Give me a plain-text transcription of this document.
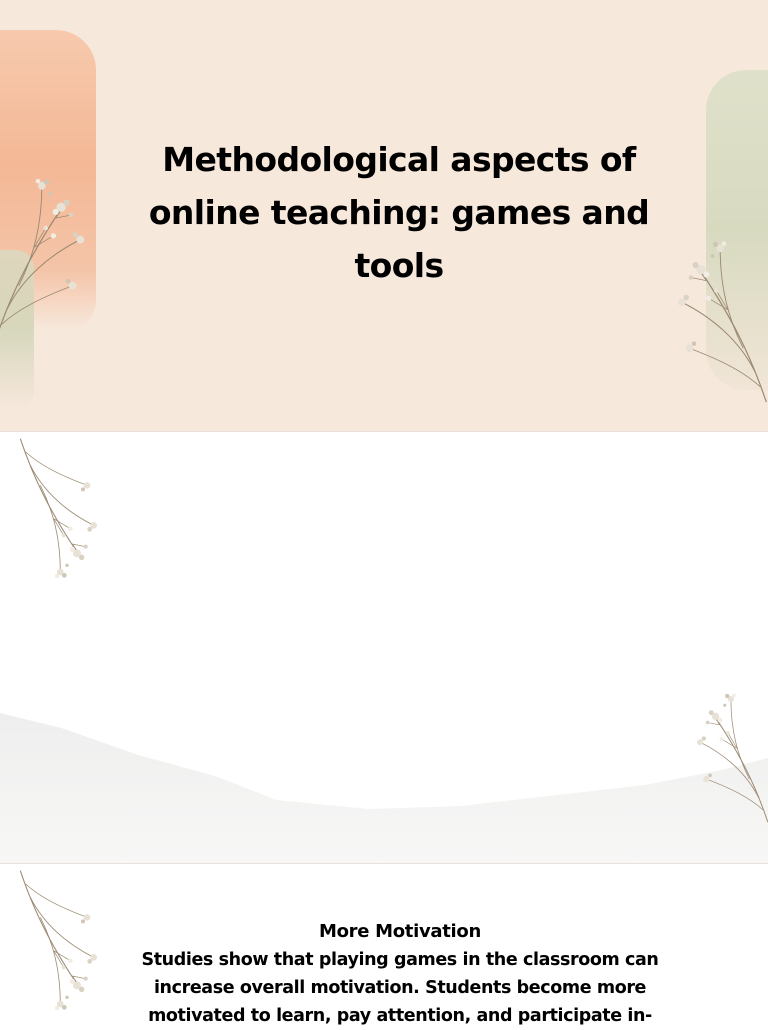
Methodological aspects of online teaching: games and tools

More Motivation

Studies show that playing games in the classroom can increase overall motivation. Students become more motivated to learn, pay attention, and participate in-
